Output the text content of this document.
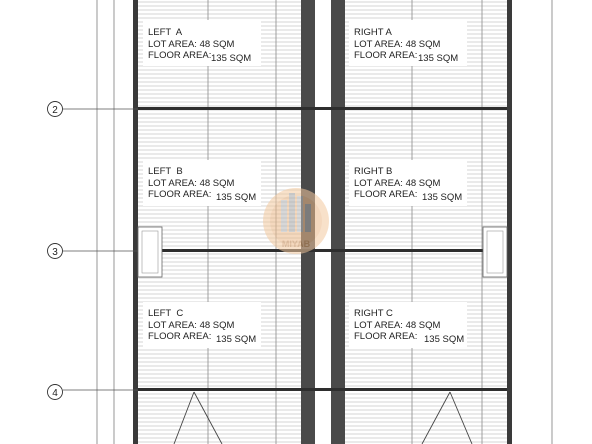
2
3
4
LEFT  A
LOT AREA: 48 SQM
FLOOR AREA: 135 SQM
RIGHT A
LOT AREA: 48 SQM
FLOOR AREA: 135 SQM
LEFT  B
LOT AREA: 48 SQM
FLOOR AREA: 135 SQM
RIGHT B
LOT AREA: 48 SQM
FLOOR AREA: 135 SQM
LEFT  C
LOT AREA: 48 SQM
FLOOR AREA: 135 SQM
RIGHT C
LOT AREA: 48 SQM
FLOOR AREA: 135 SQM
MIYAB
